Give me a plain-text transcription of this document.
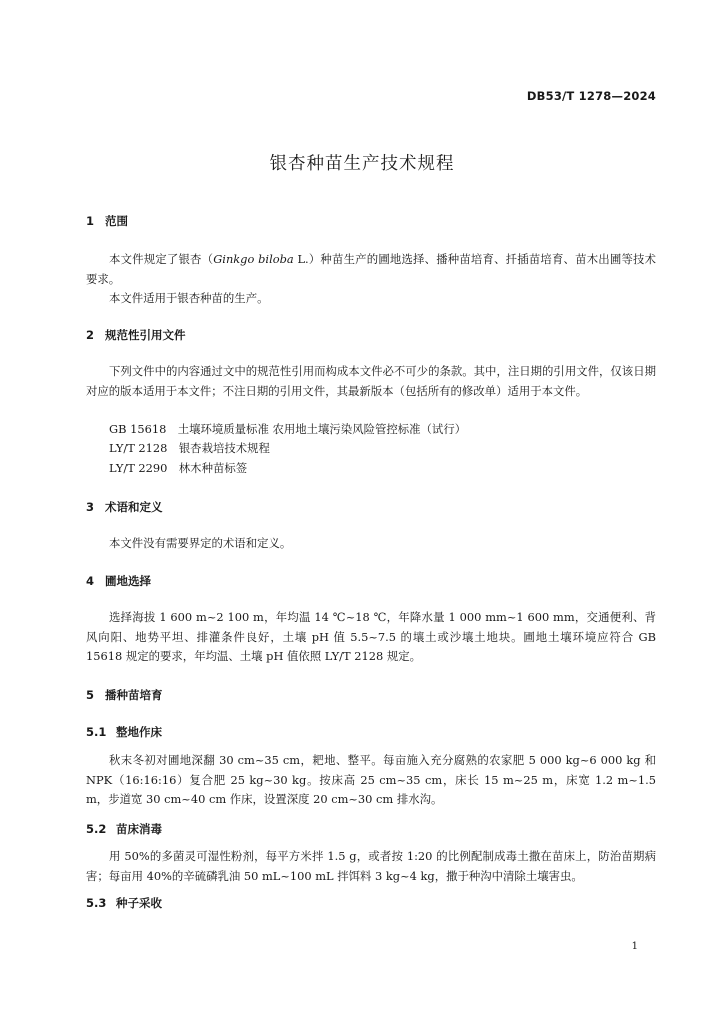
DB53/T 1278—2024
银杏种苗生产技术规程
1 范围

本文件规定了银杏（Ginkgo biloba L.）种苗生产的圃地选择、播种苗培育、扦插苗培育、苗木出圃等技术要求。

本文件适用于银杏种苗的生产。

2 规范性引用文件

下列文件中的内容通过文中的规范性引用而构成本文件必不可少的条款。其中，注日期的引用文件，仅该日期对应的版本适用于本文件；不注日期的引用文件，其最新版本（包括所有的修改单）适用于本文件。

GB 15618　土壤环境质量标准 农用地土壤污染风险管控标准（试行）
LY/T 2128　银杏栽培技术规程
LY/T 2290　林木种苗标签
3 术语和定义

本文件没有需要界定的术语和定义。

4 圃地选择

选择海拔 1 600 m~2 100 m，年均温 14 ℃~18 ℃，年降水量 1 000 mm~1 600 mm，交通便利、背风向阳、地势平坦、排灌条件良好，土壤 pH 值 5.5~7.5 的壤土或沙壤土地块。圃地土壤环境应符合 GB 15618 规定的要求，年均温、土壤 pH 值依照 LY/T 2128 规定。

5 播种苗培育
5.1 整地作床

秋末冬初对圃地深翻 30 cm~35 cm，耙地、整平。每亩施入充分腐熟的农家肥 5 000 kg~6 000 kg 和 NPK（16:16:16）复合肥 25 kg~30 kg。按床高 25 cm~35 cm，床长 15 m~25 m，床宽 1.2 m~1.5 m，步道宽 30 cm~40 cm 作床，设置深度 20 cm~30 cm 排水沟。

5.2 苗床消毒

用 50%的多菌灵可湿性粉剂，每平方米拌 1.5 g，或者按 1:20 的比例配制成毒土撒在苗床上，防治苗期病害；每亩用 40%的辛硫磷乳油 50 mL~100 mL 拌饵料 3 kg~4 kg，撒于种沟中清除土壤害虫。

5.3 种子采收
1
